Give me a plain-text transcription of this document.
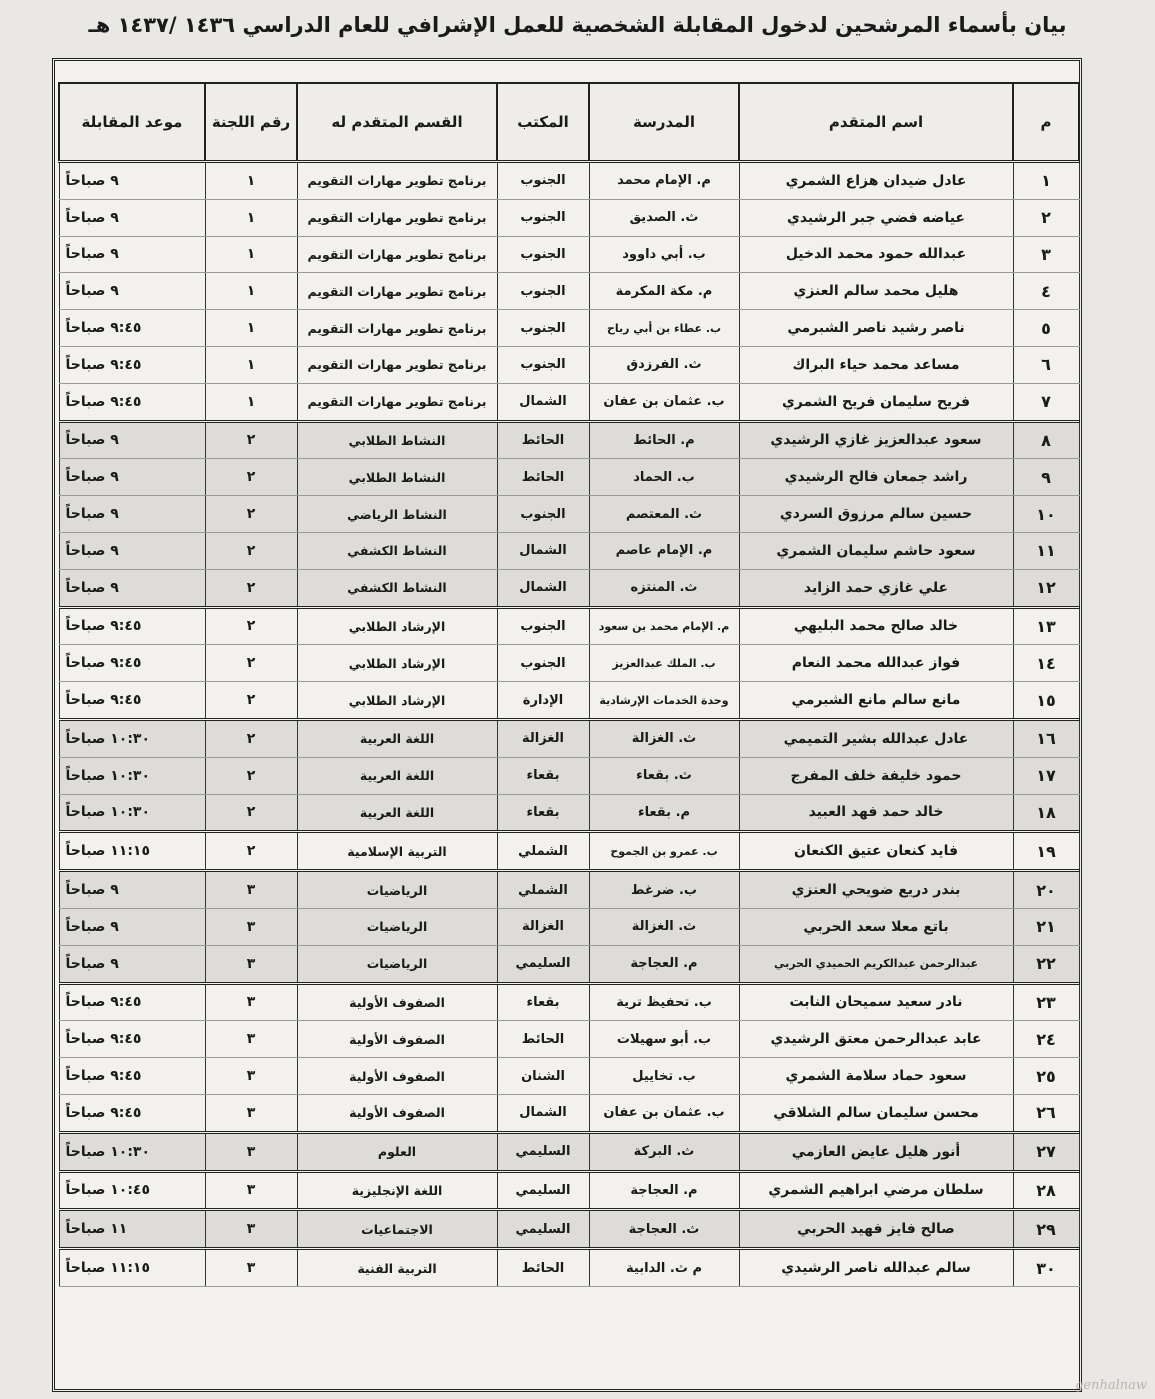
بيان بأسماء المرشحين لدخول المقابلة الشخصية للعمل الإشرافي للعام الدراسي ١٤٣٦ /١٤٣٧ هـ
م	اسم المتقدم	المدرسة	المكتب	القسم المتقدم له	رقم اللجنة	موعد المقابلة
١	عادل ضيدان هزاع الشمري	م. الإمام محمد	الجنوب	برنامج تطوير مهارات التقويم	١	٩ صباحاً
٢	عياضه فضي جبر الرشيدي	ث. الصديق	الجنوب	برنامج تطوير مهارات التقويم	١	٩ صباحاً
٣	عبدالله حمود محمد الدخيل	ب. أبي داوود	الجنوب	برنامج تطوير مهارات التقويم	١	٩ صباحاً
٤	هليل محمد سالم العنزي	م. مكة المكرمة	الجنوب	برنامج تطوير مهارات التقويم	١	٩ صباحاً
٥	ناصر رشيد ناصر الشبرمي	ب. عطاء بن أبي رباح	الجنوب	برنامج تطوير مهارات التقويم	١	٩:٤٥ صباحاً
٦	مساعد محمد حياء البراك	ث. الفرزدق	الجنوب	برنامج تطوير مهارات التقويم	١	٩:٤٥ صباحاً
٧	فريح سليمان فريح الشمري	ب. عثمان بن عفان	الشمال	برنامج تطوير مهارات التقويم	١	٩:٤٥ صباحاً
٨	سعود عبدالعزيز غازي الرشيدي	م. الحائط	الحائط	النشاط الطلابي	٢	٩ صباحاً
٩	راشد جمعان فالح الرشيدي	ب. الحماد	الحائط	النشاط الطلابي	٢	٩ صباحاً
١٠	حسين سالم مرزوق السردي	ث. المعتصم	الجنوب	النشاط الرياضي	٢	٩ صباحاً
١١	سعود حاشم سليمان الشمري	م. الإمام عاصم	الشمال	النشاط الكشفي	٢	٩ صباحاً
١٢	علي غازي حمد الزايد	ث. المنتزه	الشمال	النشاط الكشفي	٢	٩ صباحاً
١٣	خالد صالح محمد البليهي	م. الإمام محمد بن سعود	الجنوب	الإرشاد الطلابي	٢	٩:٤٥ صباحاً
١٤	فواز عبدالله محمد النعام	ب. الملك عبدالعزيز	الجنوب	الإرشاد الطلابي	٢	٩:٤٥ صباحاً
١٥	مانع سالم مانع الشبرمي	وحدة الخدمات الإرشادية	الإدارة	الإرشاد الطلابي	٢	٩:٤٥ صباحاً
١٦	عادل عبدالله بشير التميمي	ث. الغزالة	الغزالة	اللغة العربية	٢	١٠:٣٠ صباحاً
١٧	حمود خليفة خلف المفرج	ث. بقعاء	بقعاء	اللغة العربية	٢	١٠:٣٠ صباحاً
١٨	خالد حمد فهد العبيد	م. بقعاء	بقعاء	اللغة العربية	٢	١٠:٣٠ صباحاً
١٩	فايد كنعان عتيق الكنعان	ب. عمرو بن الجموح	الشملي	التربية الإسلامية	٢	١١:١٥ صباحاً
٢٠	بندر دريع ضويحي العنزي	ب. ضرغط	الشملي	الرياضيات	٣	٩ صباحاً
٢١	باتع معلا سعد الحربي	ث. الغزالة	الغزالة	الرياضيات	٣	٩ صباحاً
٢٢	عبدالرحمن عبدالكريم الحميدي الحربي	م. العجاجة	السليمي	الرياضيات	٣	٩ صباحاً
٢٣	نادر سعيد سميحان النابت	ب. تحفيظ ترية	بقعاء	الصفوف الأولية	٣	٩:٤٥ صباحاً
٢٤	عابد عبدالرحمن معتق الرشيدي	ب. أبو سهيلات	الحائط	الصفوف الأولية	٣	٩:٤٥ صباحاً
٢٥	سعود حماد سلامة الشمري	ب. تخاييل	الشنان	الصفوف الأولية	٣	٩:٤٥ صباحاً
٢٦	محسن سليمان سالم الشلاقي	ب. عثمان بن عفان	الشمال	الصفوف الأولية	٣	٩:٤٥ صباحاً
٢٧	أنور هليل عايض العازمي	ث. البركة	السليمي	العلوم	٣	١٠:٣٠ صباحاً
٢٨	سلطان مرضي ابراهيم الشمري	م. العجاجة	السليمي	اللغة الإنجليزية	٣	١٠:٤٥ صباحاً
٢٩	صالح فايز فهيد الحربي	ث. العجاجة	السليمي	الاجتماعيات	٣	١١ صباحاً
٣٠	سالم عبدالله ناصر الرشيدي	م ث. الدابية	الحائط	التربية الفنية	٣	١١:١٥ صباحاً
genhalnaw
